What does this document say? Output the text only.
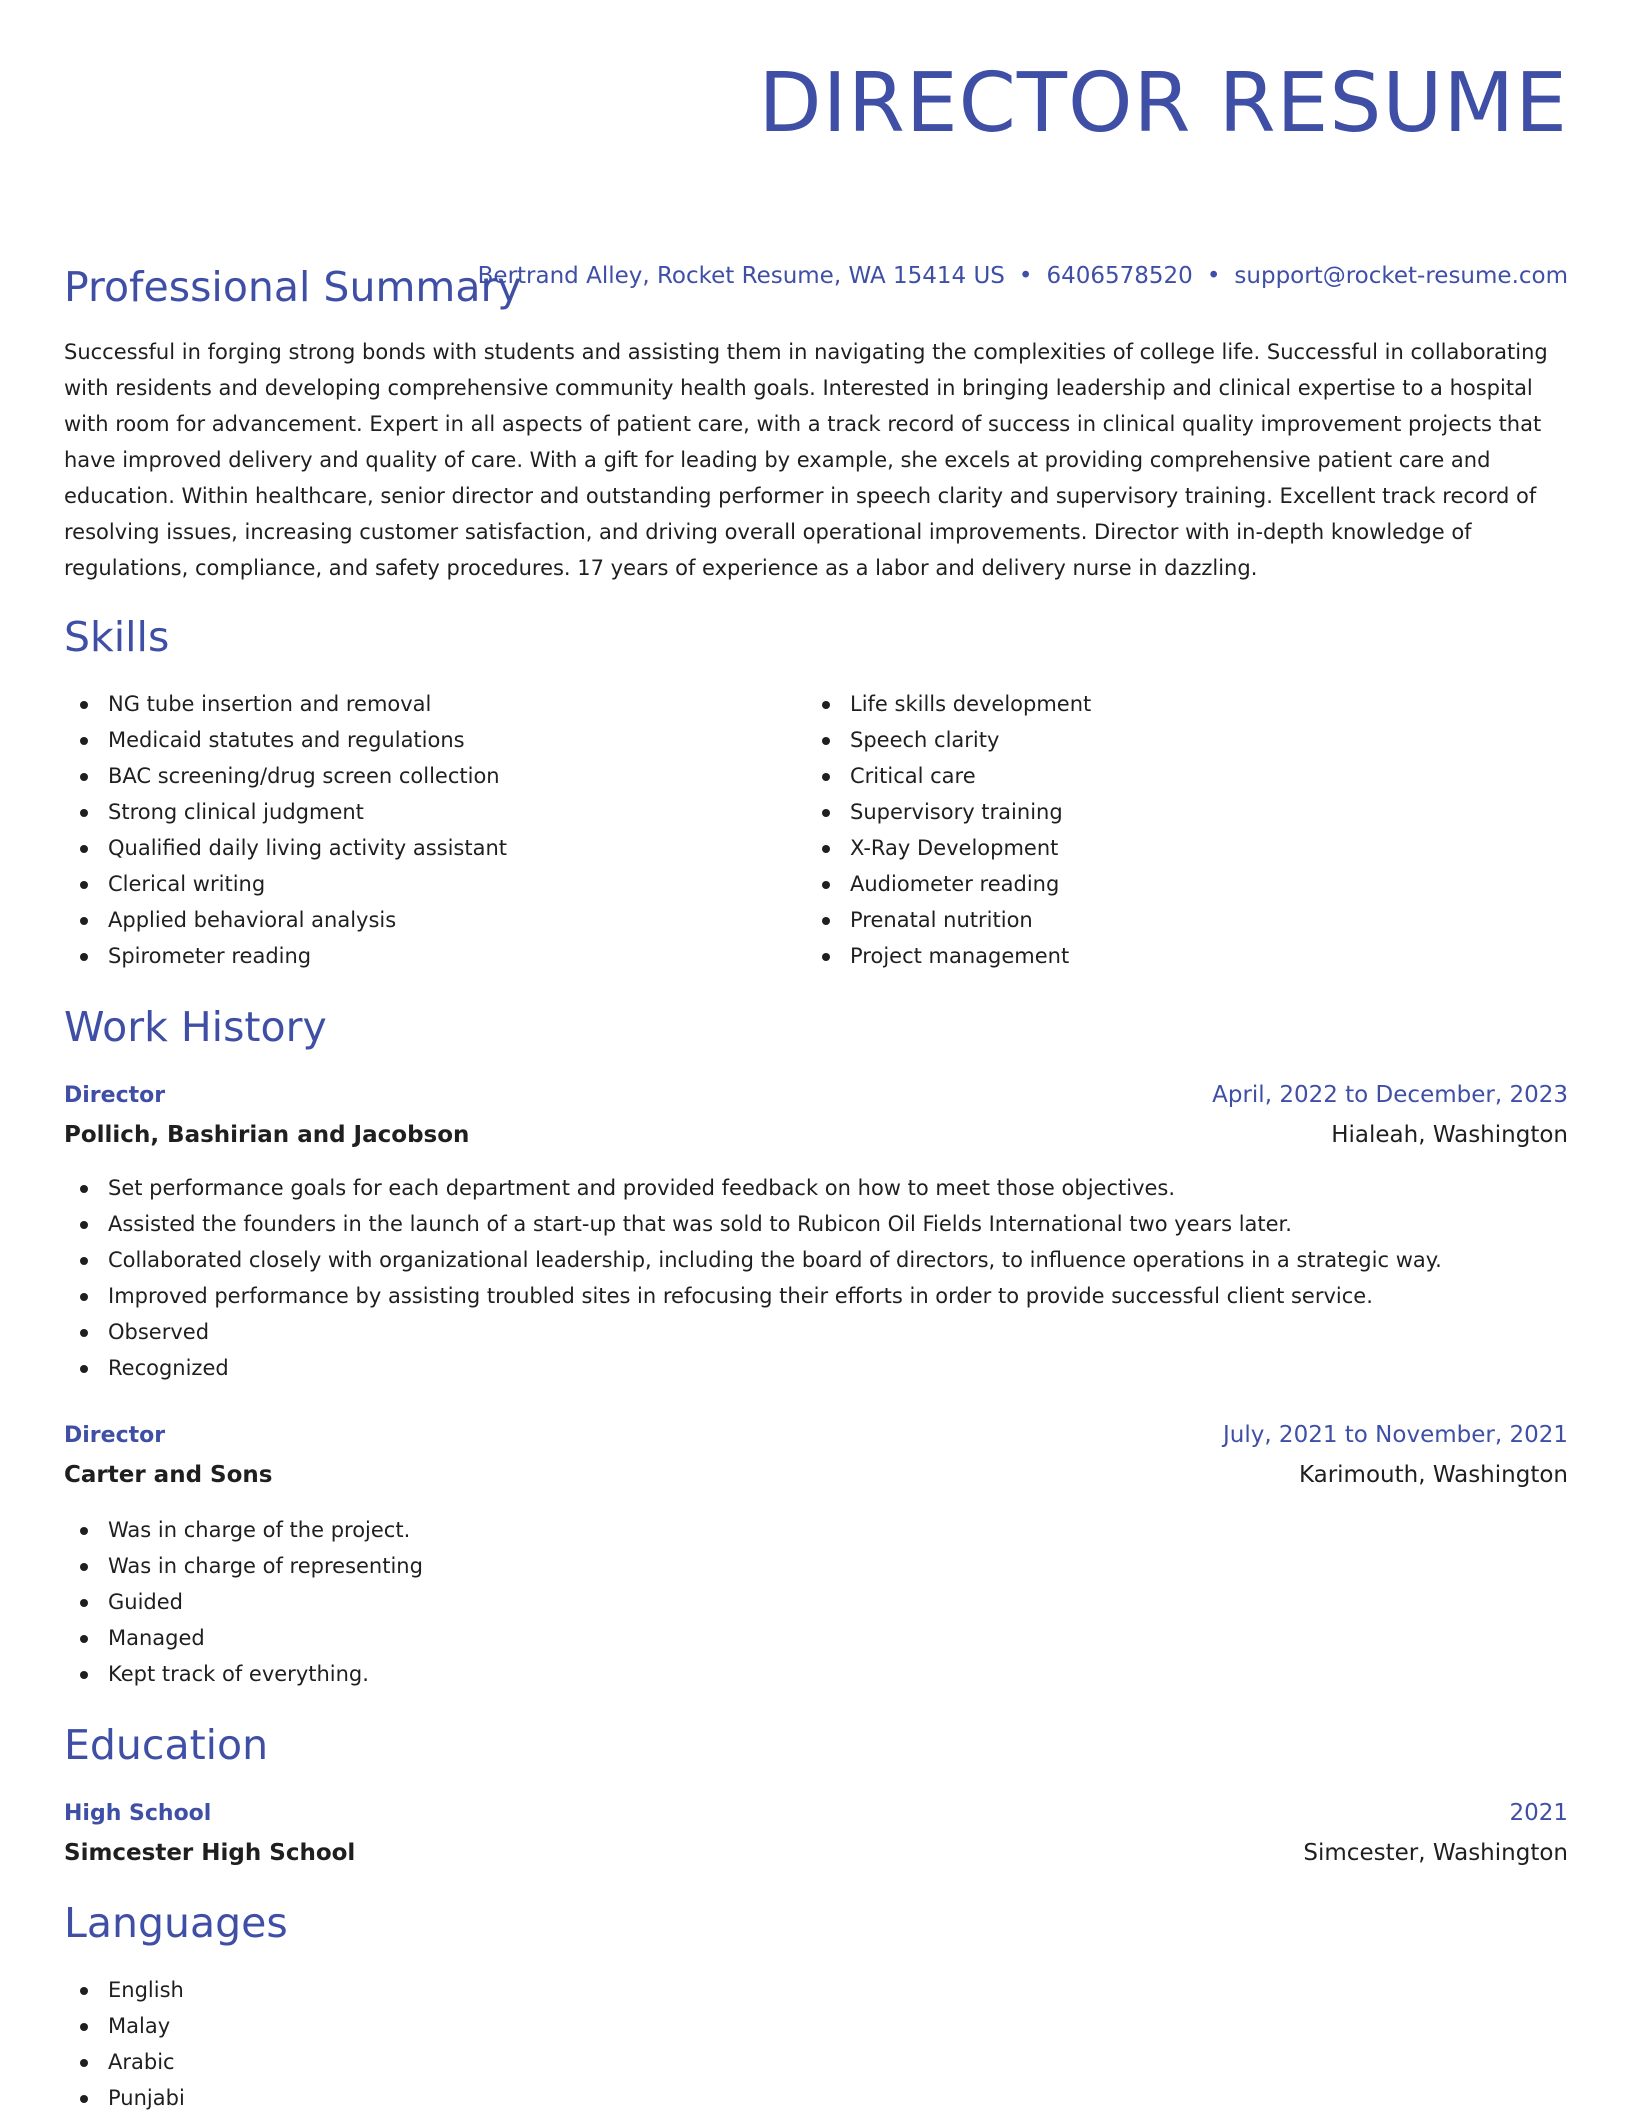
DIRECTOR RESUME
Bertrand Alley, Rocket Resume, WA 15414 US • 6406578520 • support@rocket-resume.com
Professional Summary

Successful in forging strong bonds with students and assisting them in navigating the complexities of college life. Successful in collaborating with residents and developing comprehensive community health goals. Interested in bringing leadership and clinical expertise to a hospital with room for advancement. Expert in all aspects of patient care, with a track record of success in clinical quality improvement projects that have improved delivery and quality of care. With a gift for leading by example, she excels at providing comprehensive patient care and education. Within healthcare, senior director and outstanding performer in speech clarity and supervisory training. Excellent track record of resolving issues, increasing customer satisfaction, and driving overall operational improvements. Director with in-depth knowledge of regulations, compliance, and safety procedures. 17 years of experience as a labor and delivery nurse in dazzling.

Skills
NG tube insertion and removal
Medicaid statutes and regulations
BAC screening/drug screen collection
Strong clinical judgment
Qualified daily living activity assistant
Clerical writing
Applied behavioral analysis
Spirometer reading
Life skills development
Speech clarity
Critical care
Supervisory training
X-Ray Development
Audiometer reading
Prenatal nutrition
Project management
Work History
Director	April, 2022 to December, 2023
Pollich, Bashirian and Jacobson	Hialeah, Washington
Set performance goals for each department and provided feedback on how to meet those objectives.
Assisted the founders in the launch of a start-up that was sold to Rubicon Oil Fields International two years later.
Collaborated closely with organizational leadership, including the board of directors, to influence operations in a strategic way.
Improved performance by assisting troubled sites in refocusing their efforts in order to provide successful client service.
Observed
Recognized
Director	July, 2021 to November, 2021
Carter and Sons	Karimouth, Washington
Was in charge of the project.
Was in charge of representing
Guided
Managed
Kept track of everything.
Education
High School	2021
Simcester High School	Simcester, Washington
Languages
English
Malay
Arabic
Punjabi
